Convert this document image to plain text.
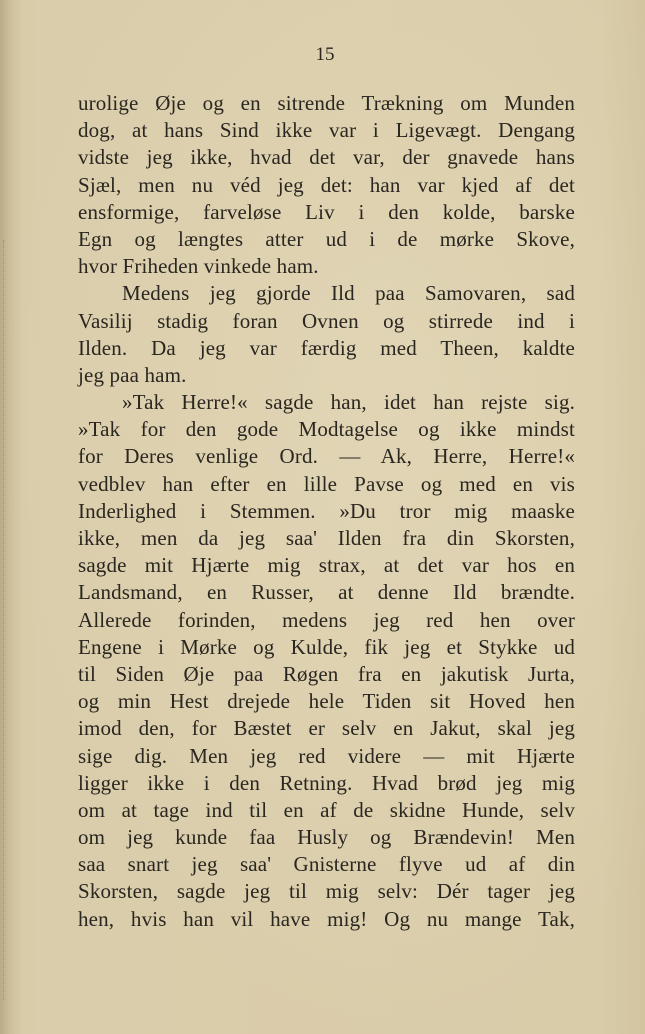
15
urolige Øje og en sitrende Trækning om Munden
dog, at hans Sind ikke var i Ligevægt. Dengang
vidste jeg ikke, hvad det var, der gnavede hans
Sjæl, men nu véd jeg det: han var kjed af det
ensformige, farveløse Liv i den kolde, barske
Egn og længtes atter ud i de mørke Skove,
hvor Friheden vinkede ham.
Medens jeg gjorde Ild paa Samovaren, sad
Vasilij stadig foran Ovnen og stirrede ind i
Ilden. Da jeg var færdig med Theen, kaldte
jeg paa ham.
»Tak Herre!« sagde han, idet han rejste sig.
»Tak for den gode Modtagelse og ikke mindst
for Deres venlige Ord. — Ak, Herre, Herre!«
vedblev han efter en lille Pavse og med en vis
Inderlighed i Stemmen. »Du tror mig maaske
ikke, men da jeg saa' Ilden fra din Skorsten,
sagde mit Hjærte mig strax, at det var hos en
Landsmand, en Russer, at denne Ild brændte.
Allerede forinden, medens jeg red hen over
Engene i Mørke og Kulde, fik jeg et Stykke ud
til Siden Øje paa Røgen fra en jakutisk Jurta,
og min Hest drejede hele Tiden sit Hoved hen
imod den, for Bæstet er selv en Jakut, skal jeg
sige dig. Men jeg red videre — mit Hjærte
ligger ikke i den Retning. Hvad brød jeg mig
om at tage ind til en af de skidne Hunde, selv
om jeg kunde faa Husly og Brændevin! Men
saa snart jeg saa' Gnisterne flyve ud af din
Skorsten, sagde jeg til mig selv: Dér tager jeg
hen, hvis han vil have mig! Og nu mange Tak,
